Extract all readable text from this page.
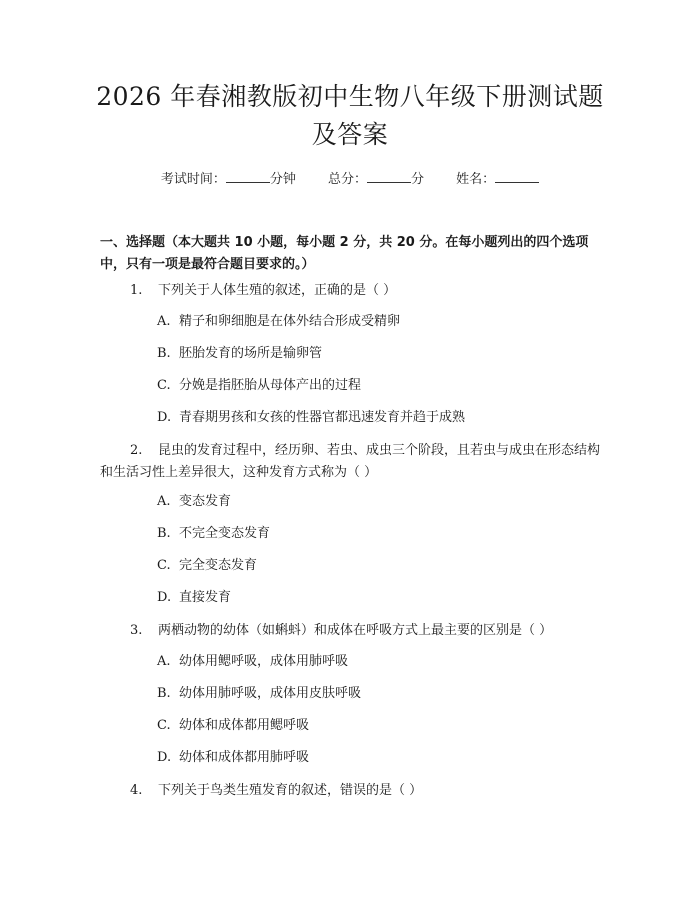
2026 年春湘教版初中生物八年级下册测试题
及答案
考试时间：	分钟 总分：	分 姓名：

一、选择题（本大题共 10 小题，每小题 2 分，共 20 分。在每小题列出的四个选项中，只有一项是最符合题目要求的。）

1. 下列关于人体生殖的叙述，正确的是（ ）

A. 精子和卵细胞是在体外结合形成受精卵

B. 胚胎发育的场所是输卵管

C. 分娩是指胚胎从母体产出的过程

D. 青春期男孩和女孩的性器官都迅速发育并趋于成熟

2. 昆虫的发育过程中，经历卵、若虫、成虫三个阶段，且若虫与成虫在形态结构和生活习性上差异很大，这种发育方式称为（ ）

A. 变态发育

B. 不完全变态发育

C. 完全变态发育

D. 直接发育

3. 两栖动物的幼体（如蝌蚪）和成体在呼吸方式上最主要的区别是（ ）

A. 幼体用鳃呼吸，成体用肺呼吸

B. 幼体用肺呼吸，成体用皮肤呼吸

C. 幼体和成体都用鳃呼吸

D. 幼体和成体都用肺呼吸

4. 下列关于鸟类生殖发育的叙述，错误的是（ ）
